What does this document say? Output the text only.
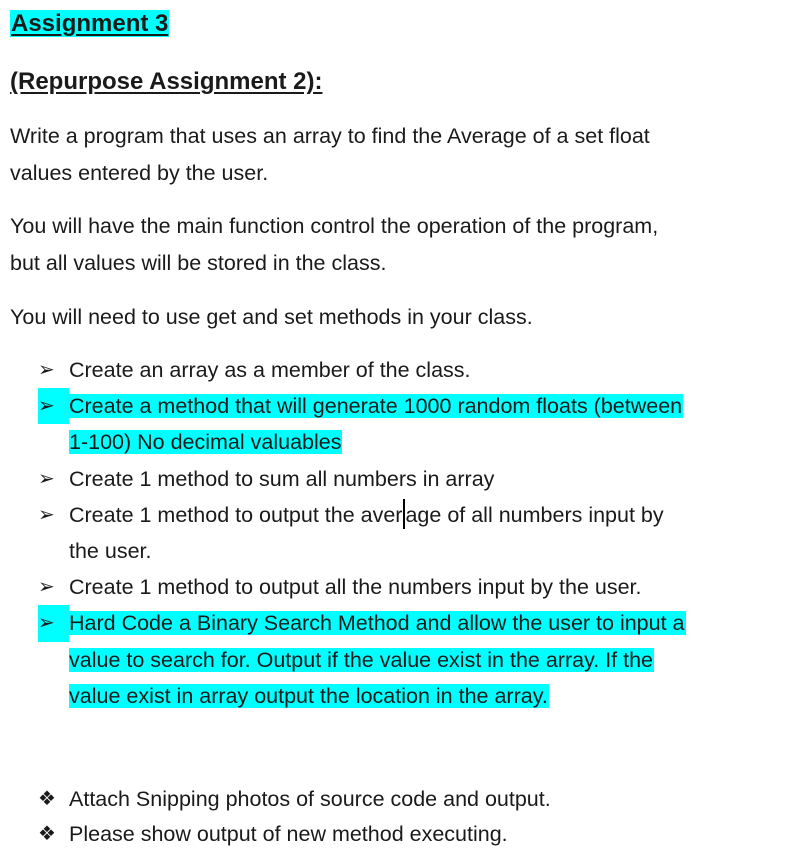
Assignment 3
(Repurpose Assignment 2):
Write a program that uses an array to find the Average of a set float
values entered by the user.
You will have the main function control the operation of the program,
but all values will be stored in the class.
You will need to use get and set methods in your class.
➢ Create an array as a member of the class.
➢ Create a method that will generate 1000 random floats (between
1-100) No decimal valuables
➢ Create 1 method to sum all numbers in array
➢ Create 1 method to output the aver age of all numbers input by
the user.
➢ Create 1 method to output all the numbers input by the user.
➢ Hard Code a Binary Search Method and allow the user to input a
value to search for. Output if the value exist in the array. If the
value exist in array output the location in the array.
❖ Attach Snipping photos of source code and output.
❖ Please show output of new method executing.
